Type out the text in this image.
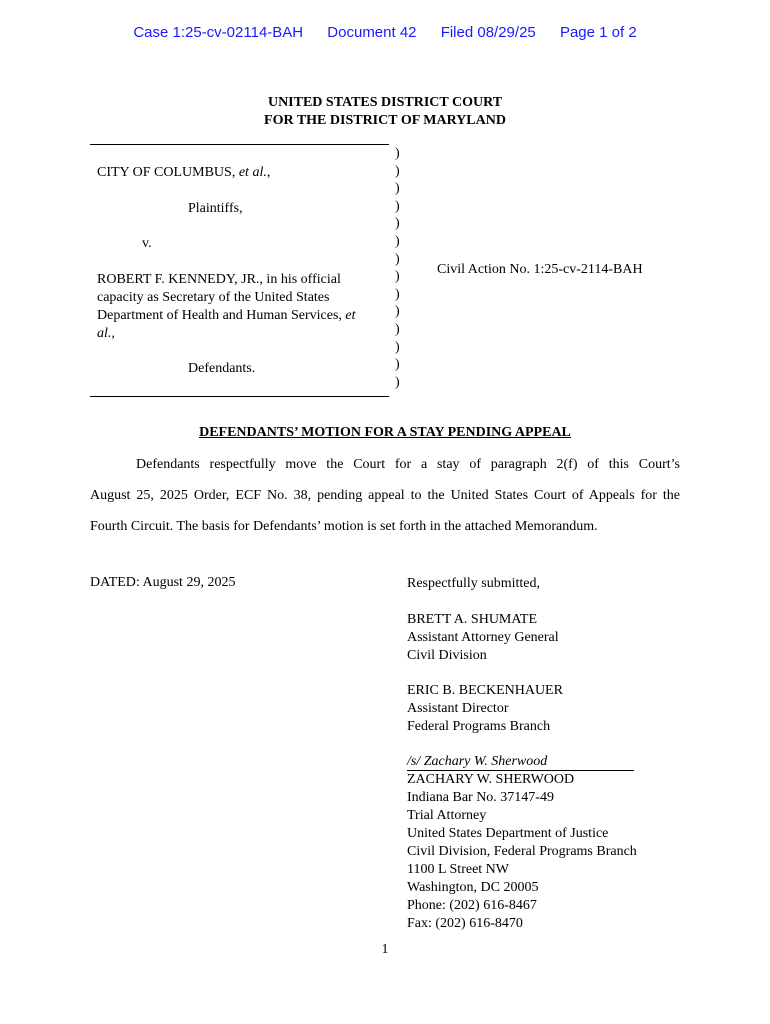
Case 1:25-cv-02114-BAH Document 42 Filed 08/29/25 Page 1 of 2
UNITED STATES DISTRICT COURT
FOR THE DISTRICT OF MARYLAND
)
)
)
)
)
)
)
)
)
)
)
)
)
)
CITY OF COLUMBUS, et al.,
Plaintiffs,
v.
ROBERT F. KENNEDY, JR., in his official
capacity as Secretary of the United States
Department of Health and Human Services, et
al.,
Defendants.
Civil Action No. 1:25-cv-2114-BAH
DEFENDANTS’ MOTION FOR A STAY PENDING APPEAL
Defendants respectfully move the Court for a stay of paragraph 2(f) of this Court’s
August 25, 2025 Order, ECF No. 38, pending appeal to the United States Court of Appeals for the
Fourth Circuit. The basis for Defendants’ motion is set forth in the attached Memorandum.
DATED: August 29, 2025	Respectfully submitted,
BRETT A. SHUMATE
Assistant Attorney General
Civil Division
ERIC B. BECKENHAUER
Assistant Director
Federal Programs Branch
/s/ Zachary W. Sherwood
ZACHARY W. SHERWOOD
Indiana Bar No. 37147-49
Trial Attorney
United States Department of Justice
Civil Division, Federal Programs Branch
1100 L Street NW
Washington, DC 20005
Phone: (202) 616-8467
Fax: (202) 616-8470
1
